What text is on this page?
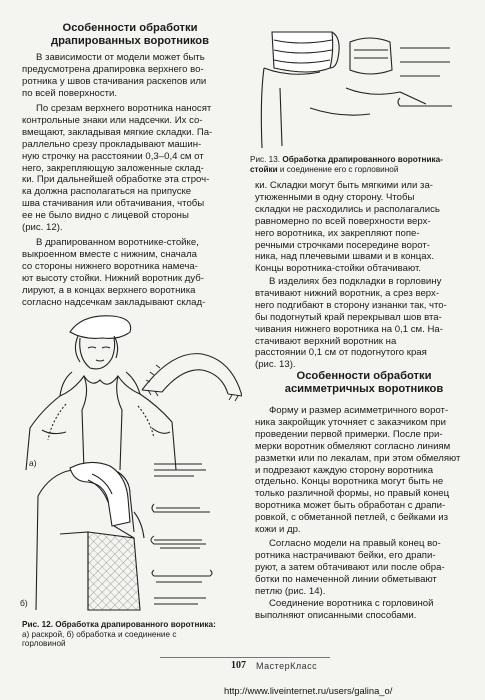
Особенности обработки
драпированных воротников
В зависимости от модели может быть
предусмотрена драпировка верхнего во-
ротника у швов стачивания раскепов или
по всей поверхности.
По срезам верхнего воротника наносят
контрольные знаки или надсечки. Их со-
вмещают, закладывая мягкие складки. Па-
раллельно срезу прокладывают машин-
ную строчку на расстоянии 0,3–0,4 см от
него, закрепляющую заложенные склад-
ки. При дальнейшей обработке эта строч-
ка должна располагаться на припуске
шва стачивания или обтачивания, чтобы
ее не было видно с лицевой стороны
(рис. 12).
В драпированном воротнике-стойке,
выкроенном вместе с нижним, сначала
со стороны нижнего воротника намеча-
ют высоту стойки. Нижний воротник дуб-
лируют, а в концах верхнего воротника
согласно надсечкам закладывают склад-
а)
б)
Рис. 12. Обработка драпированного воротника:
а) раскрой, б) обработка и соединение с
горловиной
Рис. 13. Обработка драпированного воротника-
стойки и соединение его с горловиной
ки. Складки могут быть мягкими или за-
утюженными в одну сторону. Чтобы
складки не расходились и располагались
равномерно по всей поверхности верх-
него воротника, их закрепляют попе-
речными строчками посередине ворот-
ника, над плечевыми швами и в концах.
Концы воротника-стойки обтачивают.
В изделиях без подкладки в горловину
втачивают нижний воротник, а срез верх-
него подгибают в сторону изнанки так, что-
бы подогнутый край перекрывал шов вта-
чивания нижнего воротника на 0,1 см. На-
стачивают верхний воротник на
расстоянии 0,1 см от подогнутого края
(рис. 13).
Особенности обработки
асимметричных воротников
Форму и размер асимметричного ворот-
ника закройщик уточняет с заказчиком при
проведении первой примерки. После при-
мерки воротник обмеляют согласно линиям
разметки или по лекалам, при этом обмеляют
и подрезают каждую сторону воротника
отдельно. Концы воротника могут быть не
только различной формы, но правый конец
воротника может быть обработан с драпи-
ровкой, с обметанной петлей, с бейками из
кожи и др.
Согласно модели на правый конец во-
ротника настрачивают бейки, его драпи-
руют, а затем обтачивают или после обра-
ботки по намеченной линии обметывают
петлю (рис. 14).
Соединение воротника с горловиной
выполняют описанными способами.
107 МастерКласс
http://www.liveinternet.ru/users/galina_o/
